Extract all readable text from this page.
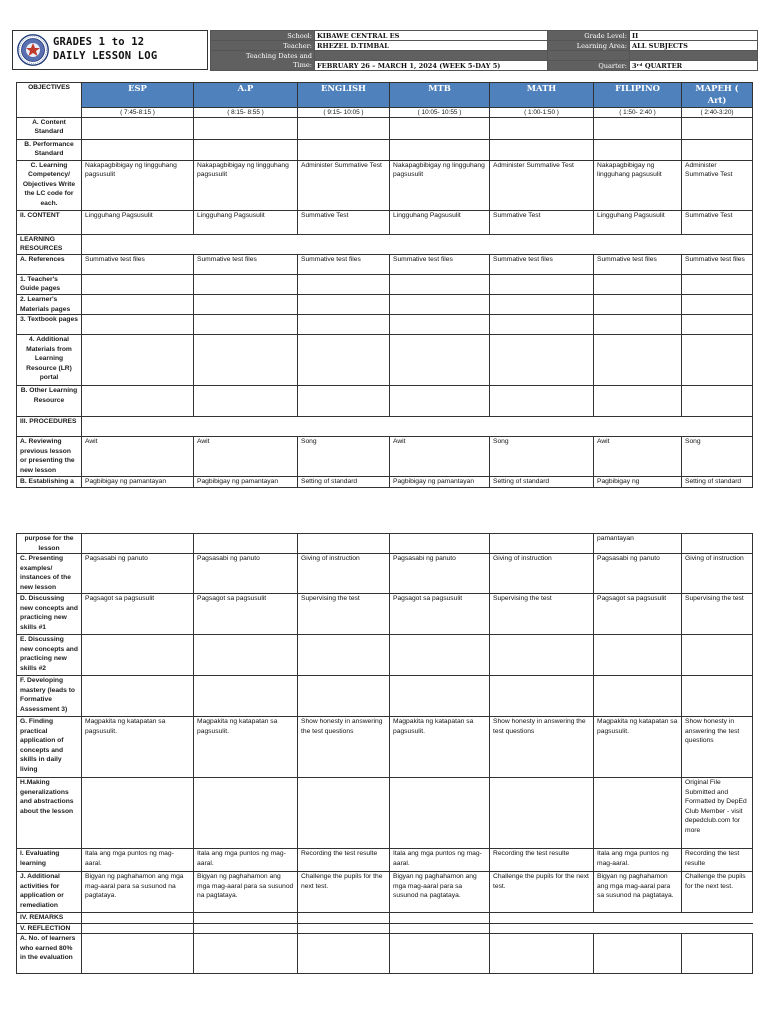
GRADES 1 to 12
DAILY LESSON LOG
School:	KIBAWE CENTRAL ES	Grade Level:	II
Teacher:	RHEZEL D.TIMBAL	Learning Area:	ALL SUBJECTS
Teaching Dates and			
Time:	FEBRUARY 26 – MARCH 1, 2024 (WEEK 5-DAY 5)	Quarter:	3ʳᵈ QUARTER
OBJECTIVES	ESP	A.P	ENGLISH	MTB	MATH	FILIPINO	MAPEH ( Art)
	( 7:45-8:15 )	( 8:15- 8:55 )	( 9:15- 10:05 )	( 10:05- 10:55 )	( 1:00-1:50 )	( 1:50- 2:40 )	( 2:40-3:20)
A. Content Standard							
B. Performance Standard							
C. Learning Competency/ Objectives Write the LC code for each.	Nakapagbibigay ng lingguhang pagsusulit	Nakapagbibigay ng lingguhang pagsusulit	Administer Summative Test	Nakapagbibigay ng lingguhang pagsusulit	Administer Summative Test	Nakapagbibigay ng lingguhang pagsusulit	Administer Summative Test
II. CONTENT	Lingguhang Pagsusulit	Lingguhang Pagsusulit	Summative Test	Lingguhang Pagsusulit	Summative Test	Lingguhang Pagsusulit	Summative Test
LEARNING RESOURCES							
A. References	Summative test files	Summative test files	Summative test files	Summative test files	Summative test files	Summative test files	Summative test files
1. Teacher's Guide pages							
2. Learner's Materials pages							
3. Textbook pages							
4. Additional Materials from Learning Resource (LR) portal							
B. Other Learning Resource							
III. PROCEDURES							
A. Reviewing previous lesson or presenting the new lesson	Awit	Awit	Song	Awit	Song	Awit	Song
B. Establishing a	Pagbibigay ng pamantayan	Pagbibigay ng pamantayan	Setting of standard	Pagbibigay ng pamantayan	Setting of standard	Pagbibigay ng	Setting of standard
purpose for the lesson						pamantayan	
C. Presenting examples/ instances of the new lesson	Pagsasabi ng panuto	Pagsasabi ng panuto	Giving of instruction	Pagsasabi ng panuto	Giving of instruction	Pagsasabi ng panuto	Giving of instruction
D. Discussing new concepts and practicing new skills #1	Pagsagot sa pagsusulit	Pagsagot sa pagsusulit	Supervising the test	Pagsagot sa pagsusulit	Supervising the test	Pagsagot sa pagsusulit	Supervising the test
E. Discussing new concepts and practicing new skills #2							
F. Developing mastery (leads to Formative Assessment 3)							
G. Finding practical application of concepts and skills in daily living	Magpakita ng katapatan sa pagsusulit.	Magpakita ng katapatan sa pagsusulit.	Show honesty in answering the test questions	Magpakita ng katapatan sa pagsusulit.	Show honesty in answering the test questions	Magpakita ng katapatan sa pagsusulit.	Show honesty in answering the test questions
H.Making generalizations and abstractions about the lesson							Original File Submitted and Formatted by DepEd Club Member - visit depedclub.com for more
I. Evaluating learning	Itala ang mga puntos ng mag-aaral.	Itala ang mga puntos ng mag-aaral.	Recording the test resulte	Itala ang mga puntos ng mag-aaral.	Recording the test resulte	Itala ang mga puntos ng mag-aaral.	Recording the test resulte
J. Additional activities for application or remediation	Bigyan ng paghahamon ang mga mag-aaral para sa susunod na pagtataya.	Bigyan ng paghahamon ang mga mag-aaral para sa susunod na pagtataya.	Challenge the pupils for the next test.	Bigyan ng paghahamon ang mga mag-aaral para sa susunod na pagtataya.	Challenge the pupils for the next test.	Bigyan ng paghahamon ang mga mag-aaral para sa susunod na pagtataya.	Challenge the pupils for the next test.
IV. REMARKS							
V. REFLECTION							
A. No. of learners who earned 80% in the evaluation							
